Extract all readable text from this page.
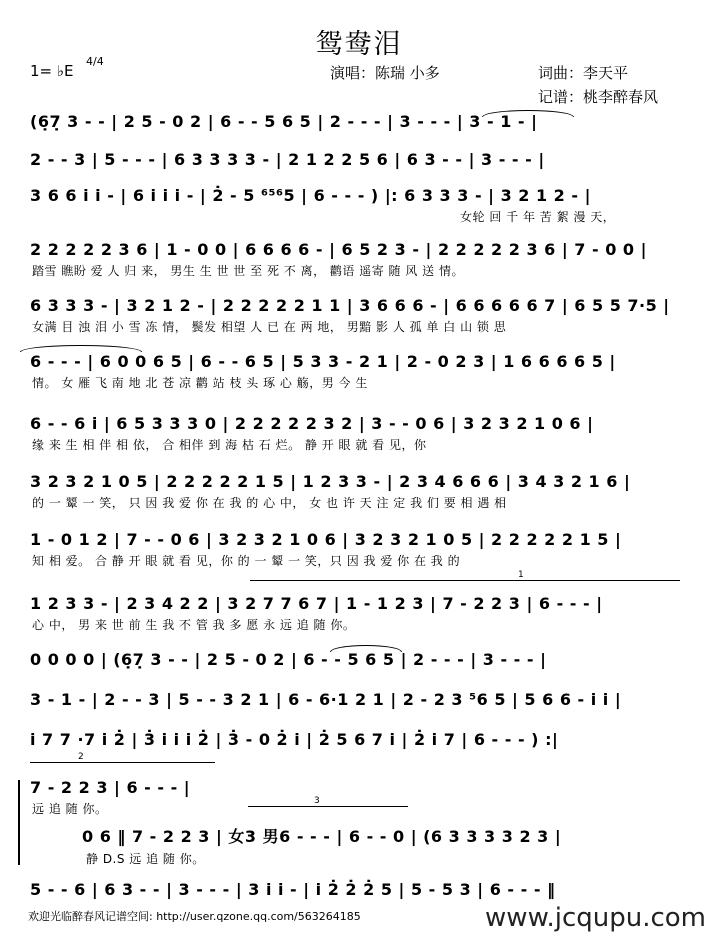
鸳鸯泪
1= ♭E
4/4
演唱：陈瑞 小多	词曲：李天平
记谱：桃李醉春风
(6̣7̣ 3 - - | 2 5 - 0 2 | 6 - - 5 6 5 | 2 - - - | 3 - - - | 3 - 1 - |
2 - - 3 | 5 - - - | 6 3 3 3 3 - | 2 1 2 2 5 6 | 6 3 - - | 3 - - - |
3 6 6 i i - | 6 i i i - | 2̇ - 5 ⁶⁵⁶5 | 6 - - - ) |: 6 3 3 3 - | 3 2 1 2 - |
女轮 回 千 年 苦 絮 漫 天，
2 2 2 2 2 3 6 | 1 - 0 0 | 6 6 6 6 - | 6 5 2 3 - | 2 2 2 2 2 3 6 | 7 - 0 0 |
踏雪 瞧盼 爱 人 归 来， 男生 生 世 世 至 死 不 离， 鹳语 遥寄 随 风 送 情。
6 3 3 3 - | 3 2 1 2 - | 2 2 2 2 2 1 1 | 3 6 6 6 - | 6 6 6 6 6 7 | 6 5 5 7·5 |
女满 目 浊 泪 小 雪 冻 情， 鬓发 相望 人 已 在 两 地， 男黯 影 人 孤 单 白 山 锁 思
6 - - - | 6 0 0 6 5 | 6 - - 6 5 | 5 3 3 - 2 1 | 2 - 0 2 3 | 1 6 6 6 6 5 |
情。 女 雁 飞 南 地 北 苍 凉 鹳 站 枝 头 琢 心 觞，男 今 生
6 - - 6 i | 6 5 3 3 3 0 | 2 2 2 2 2 3 2 | 3 - - 0 6 | 3 2 3 2 1 0 6 |
缘 来 生 相 伴 相 依， 合 相伴 到 海 枯 石 烂。 静 开 眼 就 看 见，你
3 2 3 2 1 0 5 | 2 2 2 2 2 1 5 | 1 2 3 3 - | 2 3 4 6 6 6 | 3 4 3 2 1 6 |
的 一 颦 一 笑， 只 因 我 爱 你 在 我 的 心 中， 女 也 许 天 注 定 我 们 要 相 遇 相
1 - 0 1 2 | 7 - - 0 6 | 3 2 3 2 1 0 6 | 3 2 3 2 1 0 5 | 2 2 2 2 2 1 5 |
知 相 爱。 合 静 开 眼 就 看 见，你 的 一 颦 一 笑，只 因 我 爱 你 在 我 的
1 2 3 3 - | 2 3 4 2 2 | 3 2 7 7 6 7 | 1 - 1 2 3 | 7 - 2 2 3 | 6 - - - |
心 中， 男 来 世 前 生 我 不 管 我 多 愿 永 远 追 随 你。
0 0 0 0 | (6̣7̣ 3 - - | 2 5 - 0 2 | 6 - - 5 6 5 | 2 - - - | 3 - - - |
3 - 1 - | 2 - - 3 | 5 - - 3 2 1 | 6 - 6·1 2 1 | 2 - 2 3 ⁵6 5 | 5 6 6 - i i |
i 7 7 ·7 i 2̇ | 3̇ i i i 2̇ | 3̇ - 0 2̇ i | 2̇ 5 6 7 i | 2̇ i 7 | 6 - - - ) :|
7 - 2 2 3 | 6 - - - |
远 追 随 你。
0 6 ‖ 7 - 2 2 3 | 女3 男6 - - - | 6 - - 0 | (6 3 3 3 3 2 3 |
静 D.S 远 追 随 你。
5 - - 6 | 6 3 - - | 3 - - - | 3 i i - | i 2̇ 2̇ 2̇ 5 | 5 - 5 3 | 6 - - - ‖
1
2
3
欢迎光临醉春风记谱空间: http://user.qzone.qq.com/563264185	www.jcqupu.com
